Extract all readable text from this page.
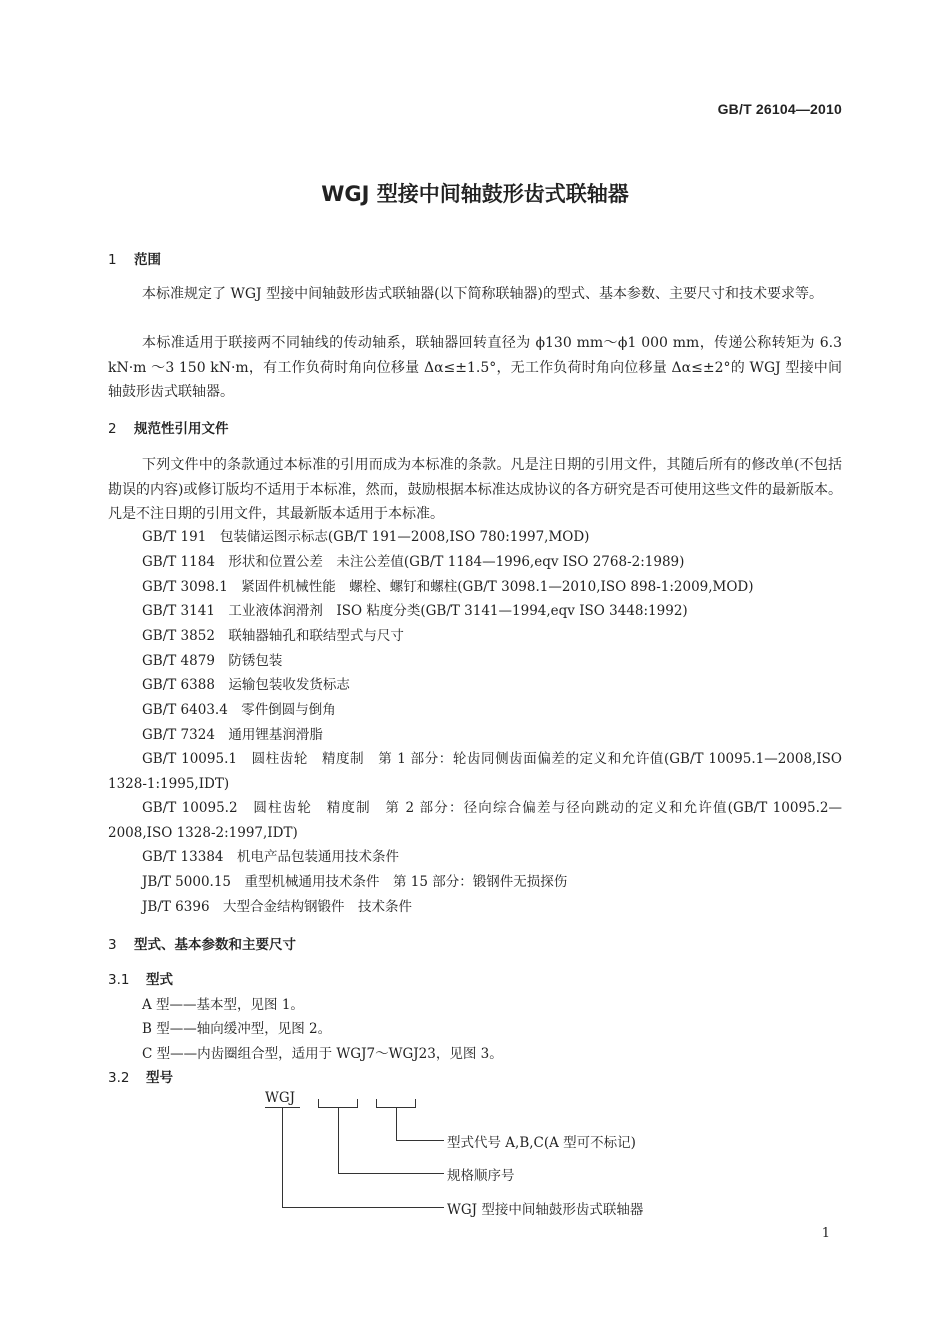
GB/T 26104—2010
WGJ 型接中间轴鼓形齿式联轴器
1 范围
本标准规定了 WGJ 型接中间轴鼓形齿式联轴器(以下简称联轴器)的型式、基本参数、主要尺寸和技术要求等。
本标准适用于联接两不同轴线的传动轴系，联轴器回转直径为 ϕ130 mm～ϕ1 000 mm，传递公称转矩为 6.3 kN·m ～3 150 kN·m，有工作负荷时角向位移量 Δα≤±1.5°，无工作负荷时角向位移量 Δα≤±2°的 WGJ 型接中间轴鼓形齿式联轴器。
2 规范性引用文件
下列文件中的条款通过本标准的引用而成为本标准的条款。凡是注日期的引用文件，其随后所有的修改单(不包括勘误的内容)或修订版均不适用于本标准，然而，鼓励根据本标准达成协议的各方研究是否可使用这些文件的最新版本。凡是不注日期的引用文件，其最新版本适用于本标准。
GB/T 191　包装储运图示标志(GB/T 191—2008,ISO 780:1997,MOD)
GB/T 1184　形状和位置公差　未注公差值(GB/T 1184—1996,eqv ISO 2768-2:1989)
GB/T 3098.1　紧固件机械性能　螺栓、螺钉和螺柱(GB/T 3098.1—2010,ISO 898-1:2009,MOD)
GB/T 3141　工业液体润滑剂　ISO 粘度分类(GB/T 3141—1994,eqv ISO 3448:1992)
GB/T 3852　联轴器轴孔和联结型式与尺寸
GB/T 4879　防锈包装
GB/T 6388　运输包装收发货标志
GB/T 6403.4　零件倒圆与倒角
GB/T 7324　通用锂基润滑脂
GB/T 10095.1　圆柱齿轮　精度制　第 1 部分：轮齿同侧齿面偏差的定义和允许值(GB/T 10095.1—2008,ISO 1328-1:1995,IDT)
GB/T 10095.2　圆柱齿轮　精度制　第 2 部分：径向综合偏差与径向跳动的定义和允许值(GB/T 10095.2—2008,ISO 1328-2:1997,IDT)
GB/T 13384　机电产品包装通用技术条件
JB/T 5000.15　重型机械通用技术条件　第 15 部分：锻钢件无损探伤
JB/T 6396　大型合金结构钢锻件　技术条件
3 型式、基本参数和主要尺寸
3.1 型式
A 型——基本型，见图 1。
B 型——轴向缓冲型，见图 2。
C 型——内齿圈组合型，适用于 WGJ7～WGJ23，见图 3。
3.2 型号
WGJ
型式代号 A,B,C(A 型可不标记)
规格顺序号
WGJ 型接中间轴鼓形齿式联轴器
1
